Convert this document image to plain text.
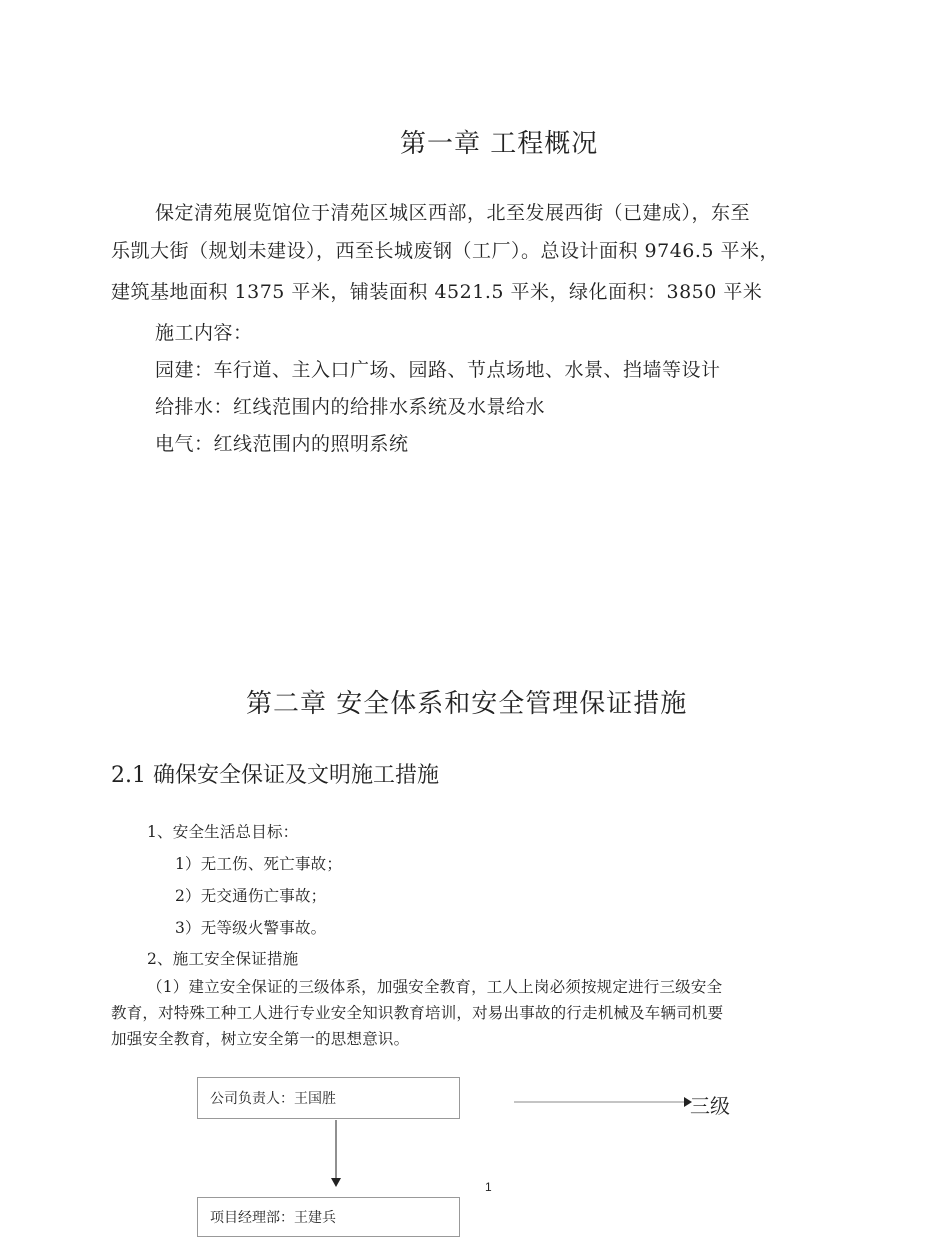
第一章 工程概况
保定清苑展览馆位于清苑区城区西部，北至发展西街（已建成），东至
乐凯大街（规划未建设），西至长城废钢（工厂）。总设计面积 9746.5 平米，
建筑基地面积 1375 平米，铺装面积 4521.5 平米，绿化面积：3850 平米
施工内容：
园建：车行道、主入口广场、园路、节点场地、水景、挡墙等设计
给排水：红线范围内的给排水系统及水景给水
电气：红线范围内的照明系统
第二章 安全体系和安全管理保证措施
2.1 确保安全保证及文明施工措施
1、安全生活总目标：
1）无工伤、死亡事故；
2）无交通伤亡事故；
3）无等级火警事故。
2、施工安全保证措施
（1）建立安全保证的三级体系，加强安全教育，工人上岗必须按规定进行三级安全
教育，对特殊工种工人进行专业安全知识教育培训，对易出事故的行走机械及车辆司机要
加强安全教育，树立安全第一的思想意识。
公司负责人：王国胜	三级
项目经理部：王建兵
1
